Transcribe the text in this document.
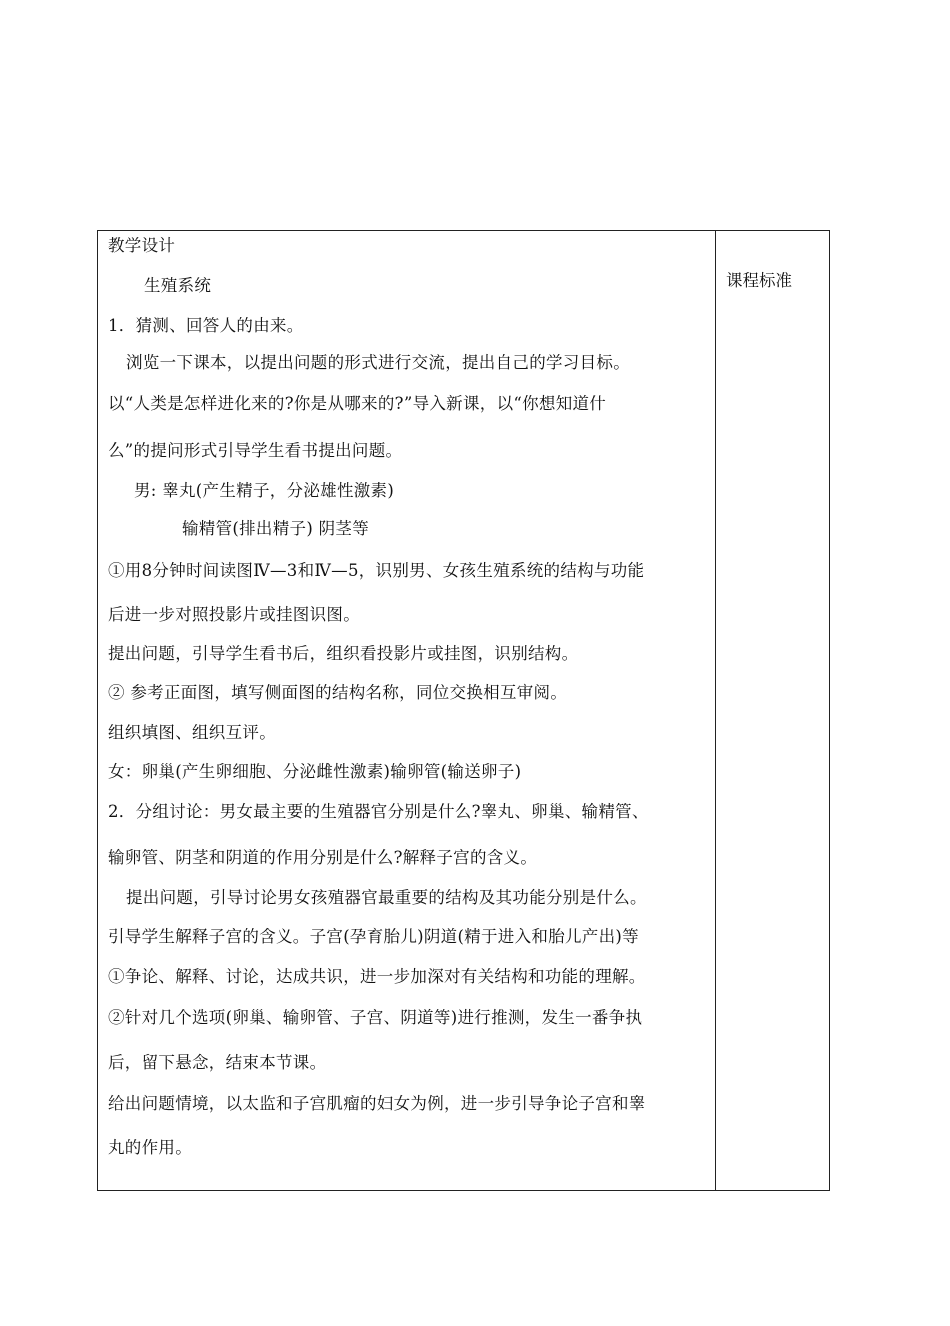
教学设计
生殖系统
1．猜测、回答人的由来。
浏览一下课本，以提出问题的形式进行交流，提出自己的学习目标。
以“人类是怎样进化来的?你是从哪来的?”导入新课，以“你想知道什
么”的提问形式引导学生看书提出问题。
男: 睾丸(产生精子，分泌雄性激素)
输精管(排出精子) 阴茎等
①用8分钟时间读图Ⅳ—3和Ⅳ—5，识别男、女孩生殖系统的结构与功能
后进一步对照投影片或挂图识图。
提出问题，引导学生看书后，组织看投影片或挂图，识别结构。
② 参考正面图，填写侧面图的结构名称，同位交换相互审阅。
组织填图、组织互评。
女：卵巢(产生卵细胞、分泌雌性激素)输卵管(输送卵子)
2．分组讨论：男女最主要的生殖器官分别是什么?睾丸、卵巢、输精管、
输卵管、阴茎和阴道的作用分别是什么?解释子宫的含义。
提出问题，引导讨论男女孩殖器官最重要的结构及其功能分别是什么。
引导学生解释子宫的含义。子宫(孕育胎儿)阴道(精于进入和胎儿产出)等
①争论、解释、讨论，达成共识，进一步加深对有关结构和功能的理解。
②针对几个选项(卵巢、输卵管、子宫、阴道等)进行推测，发生一番争执
后，留下悬念，结束本节课。
给出问题情境，以太监和子宫肌瘤的妇女为例，进一步引导争论子宫和睾
丸的作用。
课程标准
